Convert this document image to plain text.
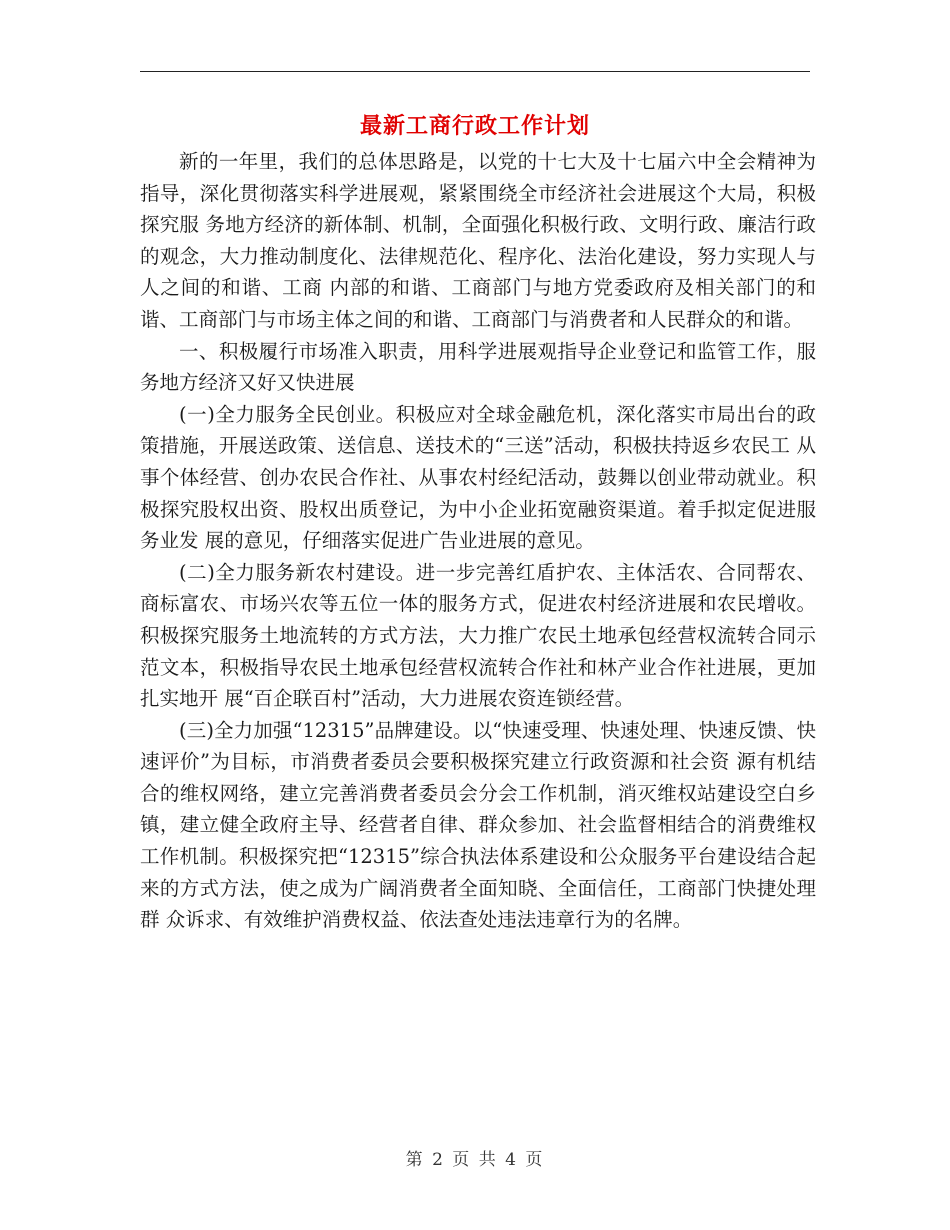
最新工商行政工作计划

新的一年里，我们的总体思路是，以党的十七大及十七届六中全会精神为指导，深化贯彻落实科学进展观，紧紧围绕全市经济社会进展这个大局，积极探究服 务地方经济的新体制、机制，全面强化积极行政、文明行政、廉洁行政的观念，大力推动制度化、法律规范化、程序化、法治化建设，努力实现人与人之间的和谐、工商 内部的和谐、工商部门与地方党委政府及相关部门的和谐、工商部门与市场主体之间的和谐、工商部门与消费者和人民群众的和谐。

一、积极履行市场准入职责，用科学进展观指导企业登记和监管工作，服务地方经济又好又快进展

(一)全力服务全民创业。积极应对全球金融危机，深化落实市局出台的政策措施，开展送政策、送信息、送技术的“三送”活动，积极扶持返乡农民工 从事个体经营、创办农民合作社、从事农村经纪活动，鼓舞以创业带动就业。积极探究股权出资、股权出质登记，为中小企业拓宽融资渠道。着手拟定促进服务业发 展的意见，仔细落实促进广告业进展的意见。

(二)全力服务新农村建设。进一步完善红盾护农、主体活农、合同帮农、商标富农、市场兴农等五位一体的服务方式，促进农村经济进展和农民增收。 积极探究服务土地流转的方式方法，大力推广农民土地承包经营权流转合同示范文本，积极指导农民土地承包经营权流转合作社和林产业合作社进展，更加扎实地开 展“百企联百村”活动，大力进展农资连锁经营。

(三)全力加强“12315”品牌建设。以“快速受理、快速处理、快速反馈、快速评价”为目标，市消费者委员会要积极探究建立行政资源和社会资 源有机结合的维权网络，建立完善消费者委员会分会工作机制，消灭维权站建设空白乡镇，建立健全政府主导、经营者自律、群众参加、社会监督相结合的消费维权 工作机制。积极探究把“12315”综合执法体系建设和公众服务平台建设结合起来的方式方法，使之成为广阔消费者全面知晓、全面信任，工商部门快捷处理群 众诉求、有效维护消费权益、依法查处违法违章行为的名牌。

第 2 页 共 4 页
